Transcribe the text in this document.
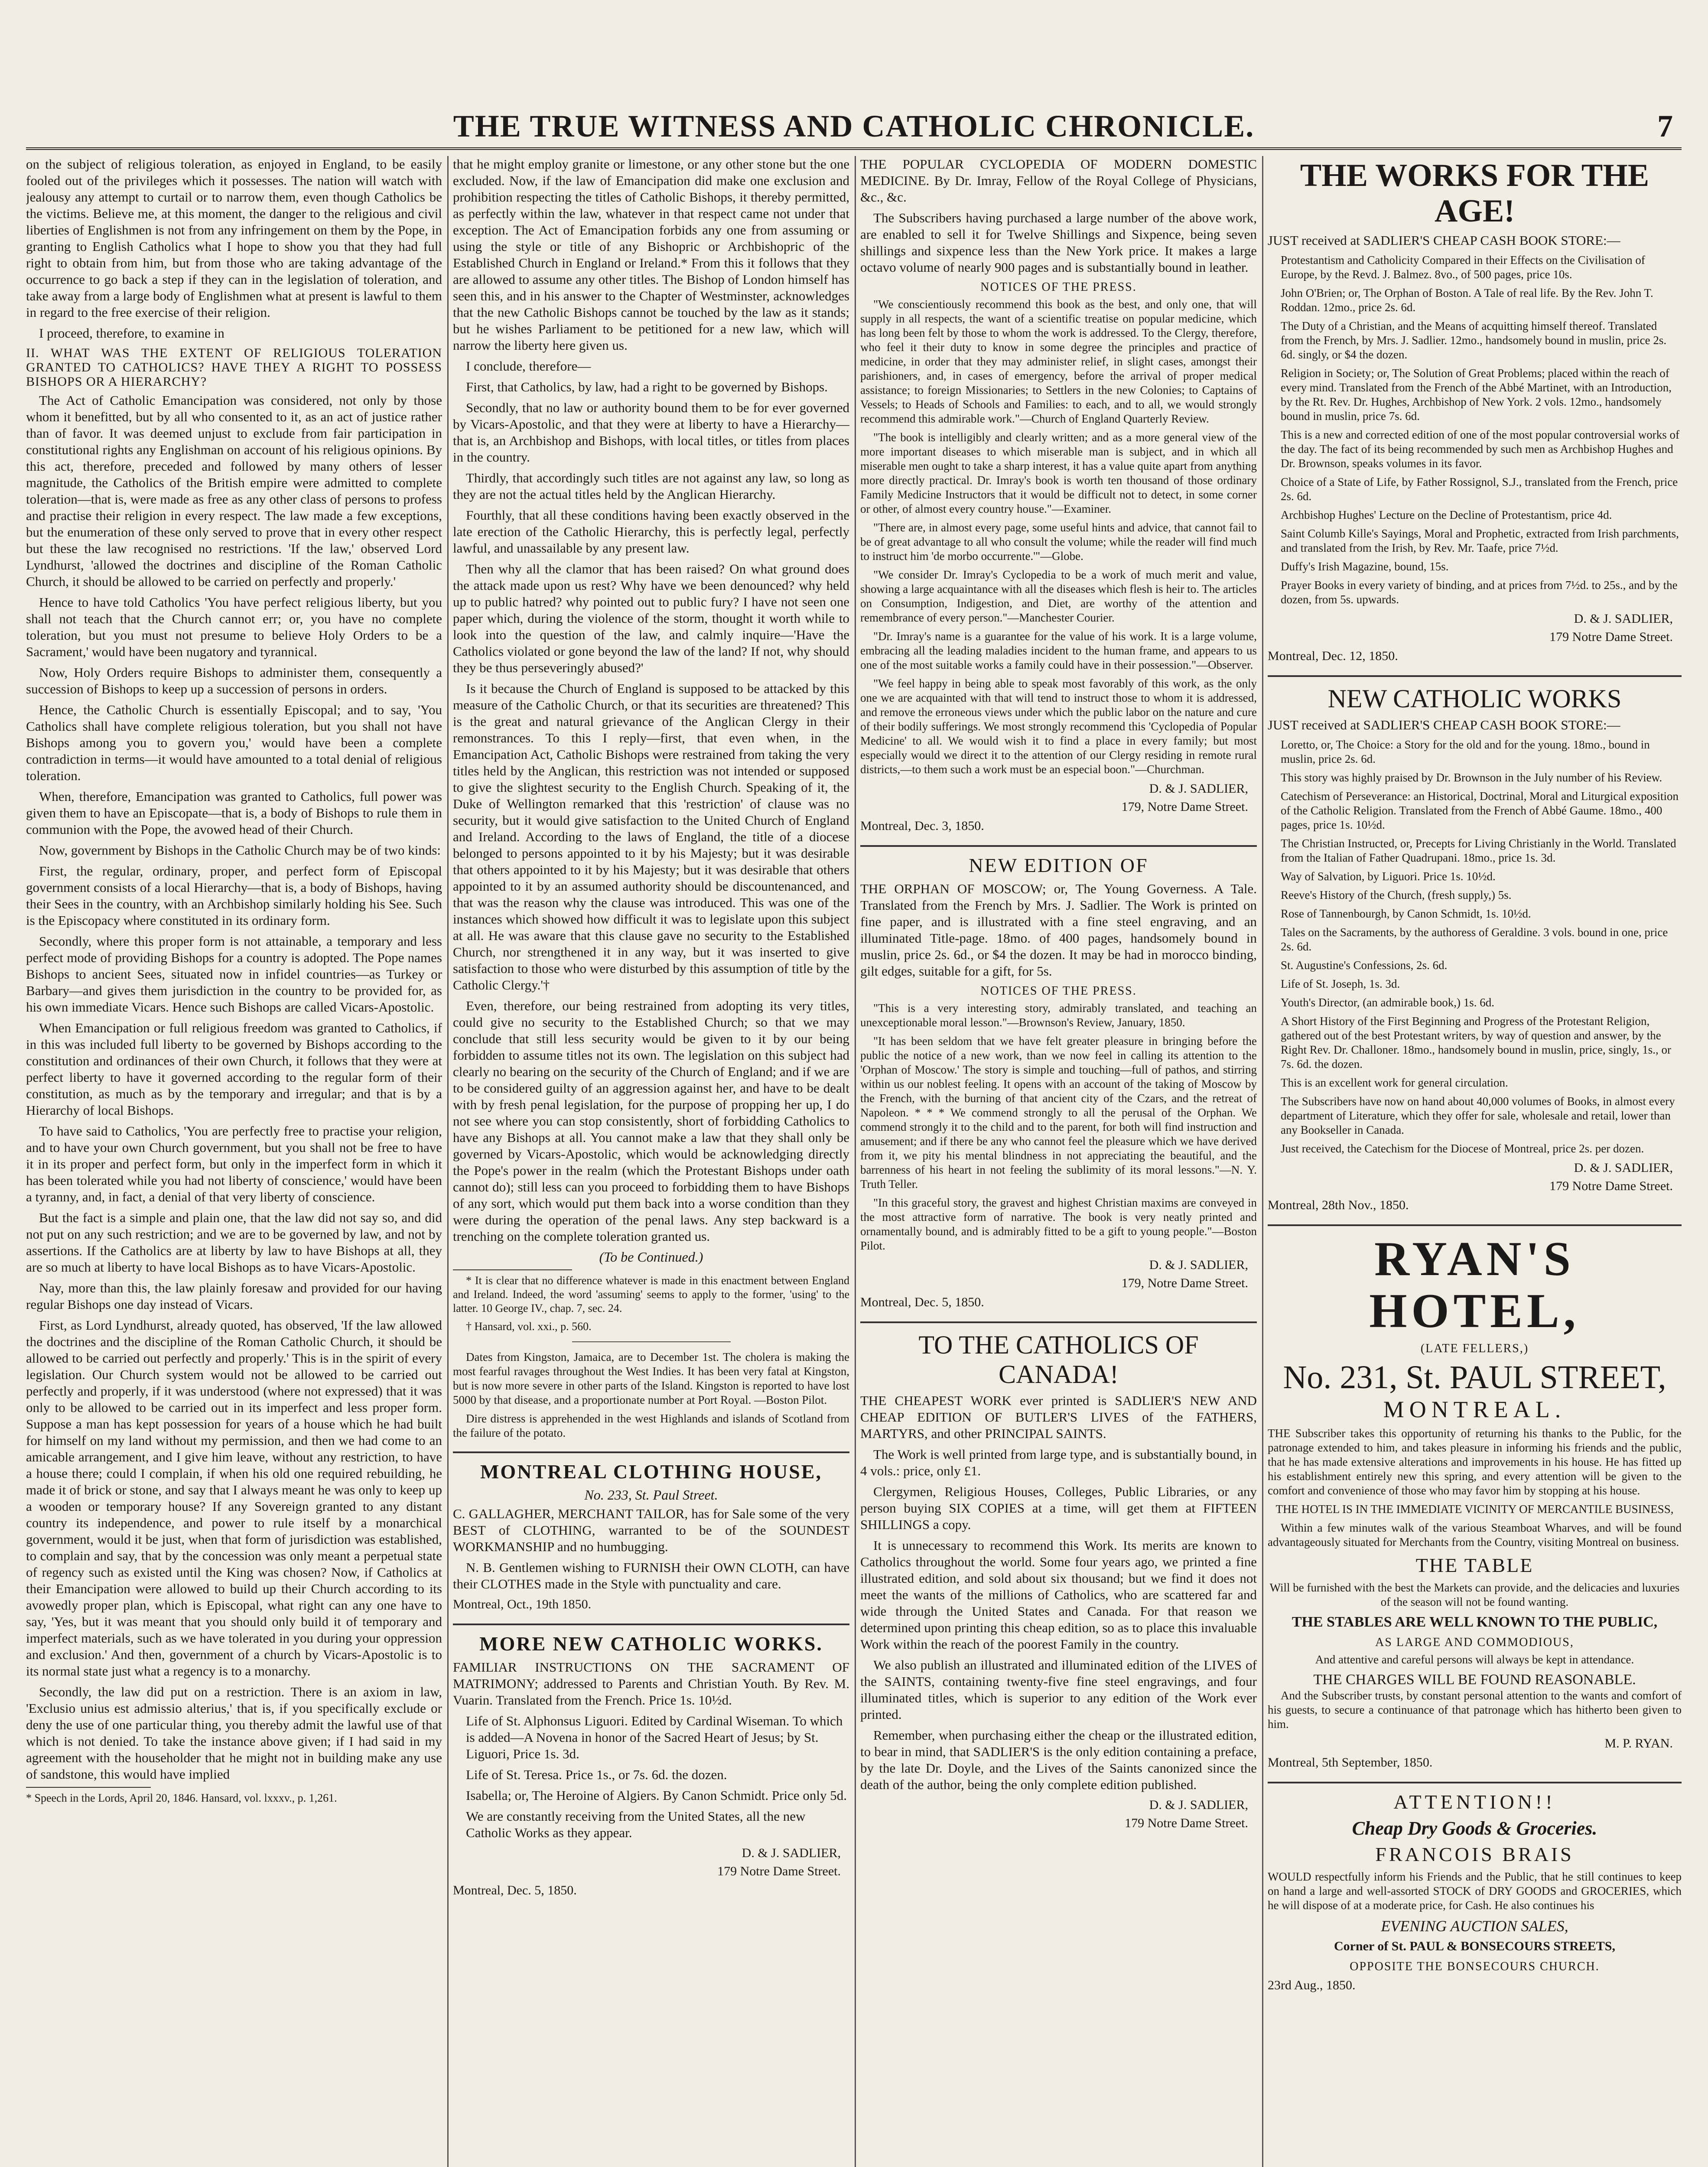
THE TRUE WITNESS AND CATHOLIC CHRONICLE.	7

on the subject of religious toleration, as enjoyed in England, to be easily fooled out of the privileges which it possesses. The nation will watch with jealousy any attempt to curtail or to narrow them, even though Catholics be the victims. Believe me, at this moment, the danger to the religious and civil liberties of Englishmen is not from any infringement on them by the Pope, in granting to English Catholics what I hope to show you that they had full right to obtain from him, but from those who are taking advantage of the occurrence to go back a step if they can in the legislation of toleration, and take away from a large body of Englishmen what at present is lawful to them in regard to the free exercise of their religion.

I proceed, therefore, to examine in

II. WHAT WAS THE EXTENT OF RELIGIOUS TOLERATION GRANTED TO CATHOLICS? HAVE THEY A RIGHT TO POSSESS BISHOPS OR A HIERARCHY?

The Act of Catholic Emancipation was considered, not only by those whom it benefitted, but by all who consented to it, as an act of justice rather than of favor. It was deemed unjust to exclude from fair participation in constitutional rights any Englishman on account of his religious opinions. By this act, therefore, preceded and followed by many others of lesser magnitude, the Catholics of the British empire were admitted to complete toleration—that is, were made as free as any other class of persons to profess and practise their religion in every respect. The law made a few exceptions, but the enumeration of these only served to prove that in every other respect but these the law recognised no restrictions. 'If the law,' observed Lord Lyndhurst, 'allowed the doctrines and discipline of the Roman Catholic Church, it should be allowed to be carried on perfectly and properly.'

Hence to have told Catholics 'You have perfect religious liberty, but you shall not teach that the Church cannot err; or, you have no complete toleration, but you must not presume to believe Holy Orders to be a Sacrament,' would have been nugatory and tyrannical.

Now, Holy Orders require Bishops to administer them, consequently a succession of Bishops to keep up a succession of persons in orders.

Hence, the Catholic Church is essentially Episcopal; and to say, 'You Catholics shall have complete religious toleration, but you shall not have Bishops among you to govern you,' would have been a complete contradiction in terms—it would have amounted to a total denial of religious toleration.

When, therefore, Emancipation was granted to Catholics, full power was given them to have an Episcopate—that is, a body of Bishops to rule them in communion with the Pope, the avowed head of their Church.

Now, government by Bishops in the Catholic Church may be of two kinds:

First, the regular, ordinary, proper, and perfect form of Episcopal government consists of a local Hierarchy—that is, a body of Bishops, having their Sees in the country, with an Archbishop similarly holding his See. Such is the Episcopacy where constituted in its ordinary form.

Secondly, where this proper form is not attainable, a temporary and less perfect mode of providing Bishops for a country is adopted. The Pope names Bishops to ancient Sees, situated now in infidel countries—as Turkey or Barbary—and gives them jurisdiction in the country to be provided for, as his own immediate Vicars. Hence such Bishops are called Vicars-Apostolic.

When Emancipation or full religious freedom was granted to Catholics, if in this was included full liberty to be governed by Bishops according to the constitution and ordinances of their own Church, it follows that they were at perfect liberty to have it governed according to the regular form of their constitution, as much as by the temporary and irregular; and that is by a Hierarchy of local Bishops.

To have said to Catholics, 'You are perfectly free to practise your religion, and to have your own Church government, but you shall not be free to have it in its proper and perfect form, but only in the imperfect form in which it has been tolerated while you had not liberty of conscience,' would have been a tyranny, and, in fact, a denial of that very liberty of conscience.

But the fact is a simple and plain one, that the law did not say so, and did not put on any such restriction; and we are to be governed by law, and not by assertions. If the Catholics are at liberty by law to have Bishops at all, they are so much at liberty to have local Bishops as to have Vicars-Apostolic.

Nay, more than this, the law plainly foresaw and provided for our having regular Bishops one day instead of Vicars.

First, as Lord Lyndhurst, already quoted, has observed, 'If the law allowed the doctrines and the discipline of the Roman Catholic Church, it should be allowed to be carried out perfectly and properly.' This is in the spirit of every legislation. Our Church system would not be allowed to be carried out perfectly and properly, if it was understood (where not expressed) that it was only to be allowed to be carried out in its imperfect and less proper form. Suppose a man has kept possession for years of a house which he had built for himself on my land without my permission, and then we had come to an amicable arrangement, and I give him leave, without any restriction, to have a house there; could I complain, if when his old one required rebuilding, he made it of brick or stone, and say that I always meant he was only to keep up a wooden or temporary house? If any Sovereign granted to any distant country its independence, and power to rule itself by a monarchical government, would it be just, when that form of jurisdiction was established, to complain and say, that by the concession was only meant a perpetual state of regency such as existed until the King was chosen? Now, if Catholics at their Emancipation were allowed to build up their Church according to its avowedly proper plan, which is Episcopal, what right can any one have to say, 'Yes, but it was meant that you should only build it of temporary and imperfect materials, such as we have tolerated in you during your oppression and exclusion.' And then, government of a church by Vicars-Apostolic is to its normal state just what a regency is to a monarchy.

Secondly, the law did put on a restriction. There is an axiom in law, 'Exclusio unius est admissio alterius,' that is, if you specifically exclude or deny the use of one particular thing, you thereby admit the lawful use of that which is not denied. To take the instance above given; if I had said in my agreement with the householder that he might not in building make any use of sandstone, this would have implied

* Speech in the Lords, April 20, 1846. Hansard, vol. lxxxv., p. 1,261.

that he might employ granite or limestone, or any other stone but the one excluded. Now, if the law of Emancipation did make one exclusion and prohibition respecting the titles of Catholic Bishops, it thereby permitted, as perfectly within the law, whatever in that respect came not under that exception. The Act of Emancipation forbids any one from assuming or using the style or title of any Bishopric or Archbishopric of the Established Church in England or Ireland.* From this it follows that they are allowed to assume any other titles. The Bishop of London himself has seen this, and in his answer to the Chapter of Westminster, acknowledges that the new Catholic Bishops cannot be touched by the law as it stands; but he wishes Parliament to be petitioned for a new law, which will narrow the liberty here given us.

I conclude, therefore—

First, that Catholics, by law, had a right to be governed by Bishops.

Secondly, that no law or authority bound them to be for ever governed by Vicars-Apostolic, and that they were at liberty to have a Hierarchy—that is, an Archbishop and Bishops, with local titles, or titles from places in the country.

Thirdly, that accordingly such titles are not against any law, so long as they are not the actual titles held by the Anglican Hierarchy.

Fourthly, that all these conditions having been exactly observed in the late erection of the Catholic Hierarchy, this is perfectly legal, perfectly lawful, and unassailable by any present law.

Then why all the clamor that has been raised? On what ground does the attack made upon us rest? Why have we been denounced? why held up to public hatred? why pointed out to public fury? I have not seen one paper which, during the violence of the storm, thought it worth while to look into the question of the law, and calmly inquire—'Have the Catholics violated or gone beyond the law of the land? If not, why should they be thus perseveringly abused?'

Is it because the Church of England is supposed to be attacked by this measure of the Catholic Church, or that its securities are threatened? This is the great and natural grievance of the Anglican Clergy in their remonstrances. To this I reply—first, that even when, in the Emancipation Act, Catholic Bishops were restrained from taking the very titles held by the Anglican, this restriction was not intended or supposed to give the slightest security to the English Church. Speaking of it, the Duke of Wellington remarked that this 'restriction' of clause was no security, but it would give satisfaction to the United Church of England and Ireland. According to the laws of England, the title of a diocese belonged to persons appointed to it by his Majesty; but it was desirable that others appointed to it by his Majesty; but it was desirable that others appointed to it by an assumed authority should be discountenanced, and that was the reason why the clause was introduced. This was one of the instances which showed how difficult it was to legislate upon this subject at all. He was aware that this clause gave no security to the Established Church, nor strengthened it in any way, but it was inserted to give satisfaction to those who were disturbed by this assumption of title by the Catholic Clergy.'†

Even, therefore, our being restrained from adopting its very titles, could give no security to the Established Church; so that we may conclude that still less security would be given to it by our being forbidden to assume titles not its own. The legislation on this subject had clearly no bearing on the security of the Church of England; and if we are to be considered guilty of an aggression against her, and have to be dealt with by fresh penal legislation, for the purpose of propping her up, I do not see where you can stop consistently, short of forbidding Catholics to have any Bishops at all. You cannot make a law that they shall only be governed by Vicars-Apostolic, which would be acknowledging directly the Pope's power in the realm (which the Protestant Bishops under oath cannot do); still less can you proceed to forbidding them to have Bishops of any sort, which would put them back into a worse condition than they were during the operation of the penal laws. Any step backward is a trenching on the complete toleration granted us.

(To be Continued.)

* It is clear that no difference whatever is made in this enactment between England and Ireland. Indeed, the word 'assuming' seems to apply to the former, 'using' to the latter. 10 George IV., chap. 7, sec. 24.

† Hansard, vol. xxi., p. 560.

Dates from Kingston, Jamaica, are to December 1st. The cholera is making the most fearful ravages throughout the West Indies. It has been very fatal at Kingston, but is now more severe in other parts of the Island. Kingston is reported to have lost 5000 by that disease, and a proportionate number at Port Royal. —Boston Pilot.

Dire distress is apprehended in the west Highlands and islands of Scotland from the failure of the potato.

MONTREAL CLOTHING HOUSE,
No. 233, St. Paul Street.

C. GALLAGHER, MERCHANT TAILOR, has for Sale some of the very BEST of CLOTHING, warranted to be of the SOUNDEST WORKMANSHIP and no humbugging.

N. B. Gentlemen wishing to FURNISH their OWN CLOTH, can have their CLOTHES made in the Style with punctuality and care.

Montreal, Oct., 19th 1850.
MORE NEW CATHOLIC WORKS.

FAMILIAR INSTRUCTIONS ON THE SACRAMENT OF MATRIMONY; addressed to Parents and Christian Youth. By Rev. M. Vuarin. Translated from the French. Price 1s. 10½d.

Life of St. Alphonsus Liguori. Edited by Cardinal Wiseman. To which is added—A Novena in honor of the Sacred Heart of Jesus; by St. Liguori, Price 1s. 3d.

Life of St. Teresa. Price 1s., or 7s. 6d. the dozen.

Isabella; or, The Heroine of Algiers. By Canon Schmidt. Price only 5d.

We are constantly receiving from the United States, all the new Catholic Works as they appear.

D. & J. SADLIER,
179 Notre Dame Street.
Montreal, Dec. 5, 1850.

THE POPULAR CYCLOPEDIA OF MODERN DOMESTIC MEDICINE. By Dr. Imray, Fellow of the Royal College of Physicians, &c., &c.

The Subscribers having purchased a large number of the above work, are enabled to sell it for Twelve Shillings and Sixpence, being seven shillings and sixpence less than the New York price. It makes a large octavo volume of nearly 900 pages and is substantially bound in leather.

NOTICES OF THE PRESS.

"We conscientiously recommend this book as the best, and only one, that will supply in all respects, the want of a scientific treatise on popular medicine, which has long been felt by those to whom the work is addressed. To the Clergy, therefore, who feel it their duty to know in some degree the principles and practice of medicine, in order that they may administer relief, in slight cases, amongst their parishioners, and, in cases of emergency, before the arrival of proper medical assistance; to foreign Missionaries; to Settlers in the new Colonies; to Captains of Vessels; to Heads of Schools and Families: to each, and to all, we would strongly recommend this admirable work."—Church of England Quarterly Review.

"The book is intelligibly and clearly written; and as a more general view of the more important diseases to which miserable man is subject, and in which all miserable men ought to take a sharp interest, it has a value quite apart from anything more directly practical. Dr. Imray's book is worth ten thousand of those ordinary Family Medicine Instructors that it would be difficult not to detect, in some corner or other, of almost every country house."—Examiner.

"There are, in almost every page, some useful hints and advice, that cannot fail to be of great advantage to all who consult the volume; while the reader will find much to instruct him 'de morbo occurrente.'"—Globe.

"We consider Dr. Imray's Cyclopedia to be a work of much merit and value, showing a large acquaintance with all the diseases which flesh is heir to. The articles on Consumption, Indigestion, and Diet, are worthy of the attention and remembrance of every person."—Manchester Courier.

"Dr. Imray's name is a guarantee for the value of his work. It is a large volume, embracing all the leading maladies incident to the human frame, and appears to us one of the most suitable works a family could have in their possession."—Observer.

"We feel happy in being able to speak most favorably of this work, as the only one we are acquainted with that will tend to instruct those to whom it is addressed, and remove the erroneous views under which the public labor on the nature and cure of their bodily sufferings. We most strongly recommend this 'Cyclopedia of Popular Medicine' to all. We would wish it to find a place in every family; but most especially would we direct it to the attention of our Clergy residing in remote rural districts,—to them such a work must be an especial boon."—Churchman.

D. & J. SADLIER,
179, Notre Dame Street.
Montreal, Dec. 3, 1850.
NEW EDITION OF

THE ORPHAN OF MOSCOW; or, The Young Governess. A Tale. Translated from the French by Mrs. J. Sadlier. The Work is printed on fine paper, and is illustrated with a fine steel engraving, and an illuminated Title-page. 18mo. of 400 pages, handsomely bound in muslin, price 2s. 6d., or $4 the dozen. It may be had in morocco binding, gilt edges, suitable for a gift, for 5s.

NOTICES OF THE PRESS.

"This is a very interesting story, admirably translated, and teaching an unexceptionable moral lesson."—Brownson's Review, January, 1850.

"It has been seldom that we have felt greater pleasure in bringing before the public the notice of a new work, than we now feel in calling its attention to the 'Orphan of Moscow.' The story is simple and touching—full of pathos, and stirring within us our noblest feeling. It opens with an account of the taking of Moscow by the French, with the burning of that ancient city of the Czars, and the retreat of Napoleon. * * * We commend strongly to all the perusal of the Orphan. We commend strongly it to the child and to the parent, for both will find instruction and amusement; and if there be any who cannot feel the pleasure which we have derived from it, we pity his mental blindness in not appreciating the beautiful, and the barrenness of his heart in not feeling the sublimity of its moral lessons."—N. Y. Truth Teller.

"In this graceful story, the gravest and highest Christian maxims are conveyed in the most attractive form of narrative. The book is very neatly printed and ornamentally bound, and is admirably fitted to be a gift to young people."—Boston Pilot.

D. & J. SADLIER,
179, Notre Dame Street.
Montreal, Dec. 5, 1850.
TO THE CATHOLICS OF CANADA!

THE CHEAPEST WORK ever printed is SADLIER'S NEW AND CHEAP EDITION OF BUTLER'S LIVES of the FATHERS, MARTYRS, and other PRINCIPAL SAINTS.

The Work is well printed from large type, and is substantially bound, in 4 vols.: price, only £1.

Clergymen, Religious Houses, Colleges, Public Libraries, or any person buying SIX COPIES at a time, will get them at FIFTEEN SHILLINGS a copy.

It is unnecessary to recommend this Work. Its merits are known to Catholics throughout the world. Some four years ago, we printed a fine illustrated edition, and sold about six thousand; but we find it does not meet the wants of the millions of Catholics, who are scattered far and wide through the United States and Canada. For that reason we determined upon printing this cheap edition, so as to place this invaluable Work within the reach of the poorest Family in the country.

We also publish an illustrated and illuminated edition of the LIVES of the SAINTS, containing twenty-five fine steel engravings, and four illuminated titles, which is superior to any edition of the Work ever printed.

Remember, when purchasing either the cheap or the illustrated edition, to bear in mind, that SADLIER'S is the only edition containing a preface, by the late Dr. Doyle, and the Lives of the Saints canonized since the death of the author, being the only complete edition published.

D. & J. SADLIER,
179 Notre Dame Street.
THE WORKS FOR THE AGE!

JUST received at SADLIER'S CHEAP CASH BOOK STORE:—

Protestantism and Catholicity Compared in their Effects on the Civilisation of Europe, by the Revd. J. Balmez. 8vo., of 500 pages, price 10s.

John O'Brien; or, The Orphan of Boston. A Tale of real life. By the Rev. John T. Roddan. 12mo., price 2s. 6d.

The Duty of a Christian, and the Means of acquitting himself thereof. Translated from the French, by Mrs. J. Sadlier. 12mo., handsomely bound in muslin, price 2s. 6d. singly, or $4 the dozen.

Religion in Society; or, The Solution of Great Problems; placed within the reach of every mind. Translated from the French of the Abbé Martinet, with an Introduction, by the Rt. Rev. Dr. Hughes, Archbishop of New York. 2 vols. 12mo., handsomely bound in muslin, price 7s. 6d.

This is a new and corrected edition of one of the most popular controversial works of the day. The fact of its being recommended by such men as Archbishop Hughes and Dr. Brownson, speaks volumes in its favor.

Choice of a State of Life, by Father Rossignol, S.J., translated from the French, price 2s. 6d.

Archbishop Hughes' Lecture on the Decline of Protestantism, price 4d.

Saint Columb Kille's Sayings, Moral and Prophetic, extracted from Irish parchments, and translated from the Irish, by Rev. Mr. Taafe, price 7½d.

Duffy's Irish Magazine, bound, 15s.

Prayer Books in every variety of binding, and at prices from 7½d. to 25s., and by the dozen, from 5s. upwards.

D. & J. SADLIER,
179 Notre Dame Street.
Montreal, Dec. 12, 1850.
NEW CATHOLIC WORKS

JUST received at SADLIER'S CHEAP CASH BOOK STORE:—

Loretto, or, The Choice: a Story for the old and for the young. 18mo., bound in muslin, price 2s. 6d.

This story was highly praised by Dr. Brownson in the July number of his Review.

Catechism of Perseverance: an Historical, Doctrinal, Moral and Liturgical exposition of the Catholic Religion. Translated from the French of Abbé Gaume. 18mo., 400 pages, price 1s. 10½d.

The Christian Instructed, or, Precepts for Living Christianly in the World. Translated from the Italian of Father Quadrupani. 18mo., price 1s. 3d.

Way of Salvation, by Liguori. Price 1s. 10½d.

Reeve's History of the Church, (fresh supply,) 5s.

Rose of Tannenbourgh, by Canon Schmidt, 1s. 10½d.

Tales on the Sacraments, by the authoress of Geraldine. 3 vols. bound in one, price 2s. 6d.

St. Augustine's Confessions, 2s. 6d.

Life of St. Joseph, 1s. 3d.

Youth's Director, (an admirable book,) 1s. 6d.

A Short History of the First Beginning and Progress of the Protestant Religion, gathered out of the best Protestant writers, by way of question and answer, by the Right Rev. Dr. Challoner. 18mo., handsomely bound in muslin, price, singly, 1s., or 7s. 6d. the dozen.

This is an excellent work for general circulation.

The Subscribers have now on hand about 40,000 volumes of Books, in almost every department of Literature, which they offer for sale, wholesale and retail, lower than any Bookseller in Canada.

Just received, the Catechism for the Diocese of Montreal, price 2s. per dozen.

D. & J. SADLIER,
179 Notre Dame Street.
Montreal, 28th Nov., 1850.
RYAN'S HOTEL,
(LATE FELLERS,)
No. 231, St. PAUL STREET,
MONTREAL.

THE Subscriber takes this opportunity of returning his thanks to the Public, for the patronage extended to him, and takes pleasure in informing his friends and the public, that he has made extensive alterations and improvements in his house. He has fitted up his establishment entirely new this spring, and every attention will be given to the comfort and convenience of those who may favor him by stopping at his house.

THE HOTEL IS IN THE IMMEDIATE VICINITY OF MERCANTILE BUSINESS,

Within a few minutes walk of the various Steamboat Wharves, and will be found advantageously situated for Merchants from the Country, visiting Montreal on business.

THE TABLE

Will be furnished with the best the Markets can provide, and the delicacies and luxuries of the season will not be found wanting.

THE STABLES ARE WELL KNOWN TO THE PUBLIC,
AS LARGE AND COMMODIOUS,

And attentive and careful persons will always be kept in attendance.

THE CHARGES WILL BE FOUND REASONABLE.

And the Subscriber trusts, by constant personal attention to the wants and comfort of his guests, to secure a continuance of that patronage which has hitherto been given to him.

M. P. RYAN.
Montreal, 5th September, 1850.
ATTENTION!!
Cheap Dry Goods & Groceries.
FRANCOIS BRAIS

WOULD respectfully inform his Friends and the Public, that he still continues to keep on hand a large and well-assorted STOCK of DRY GOODS and GROCERIES, which he will dispose of at a moderate price, for Cash. He also continues his

EVENING AUCTION SALES,
Corner of St. PAUL & BONSECOURS STREETS,
OPPOSITE THE BONSECOURS CHURCH.
23rd Aug., 1850.
